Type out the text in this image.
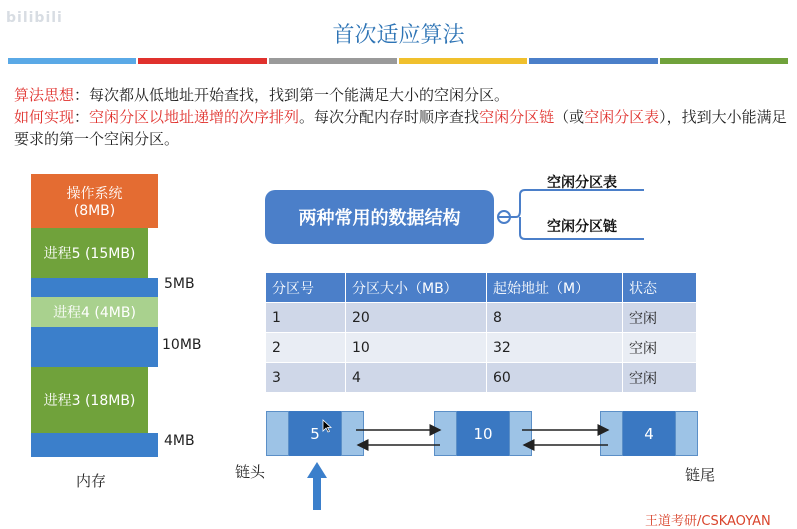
bilibili
首次适应算法
算法思想：每次都从低地址开始查找，找到第一个能满足大小的空闲分区。
如何实现：空闲分区以地址递增的次序排列。每次分配内存时顺序查找空闲分区链（或空闲分区表），找到大小能满足要求的第一个空闲分区。
操作系统
(8MB)
进程5 (15MB)
进程4 (4MB)
进程3 (18MB)
5MB
10MB
4MB
内存
两种常用的数据结构
空闲分区表
空闲分区链
分区号	分区大小（MB）	起始地址（M）	状态
1	20	8	空闲
2	10	32	空闲
3	4	60	空闲
5	10	4
链头	链尾
王道考研/CSKAOYAN
